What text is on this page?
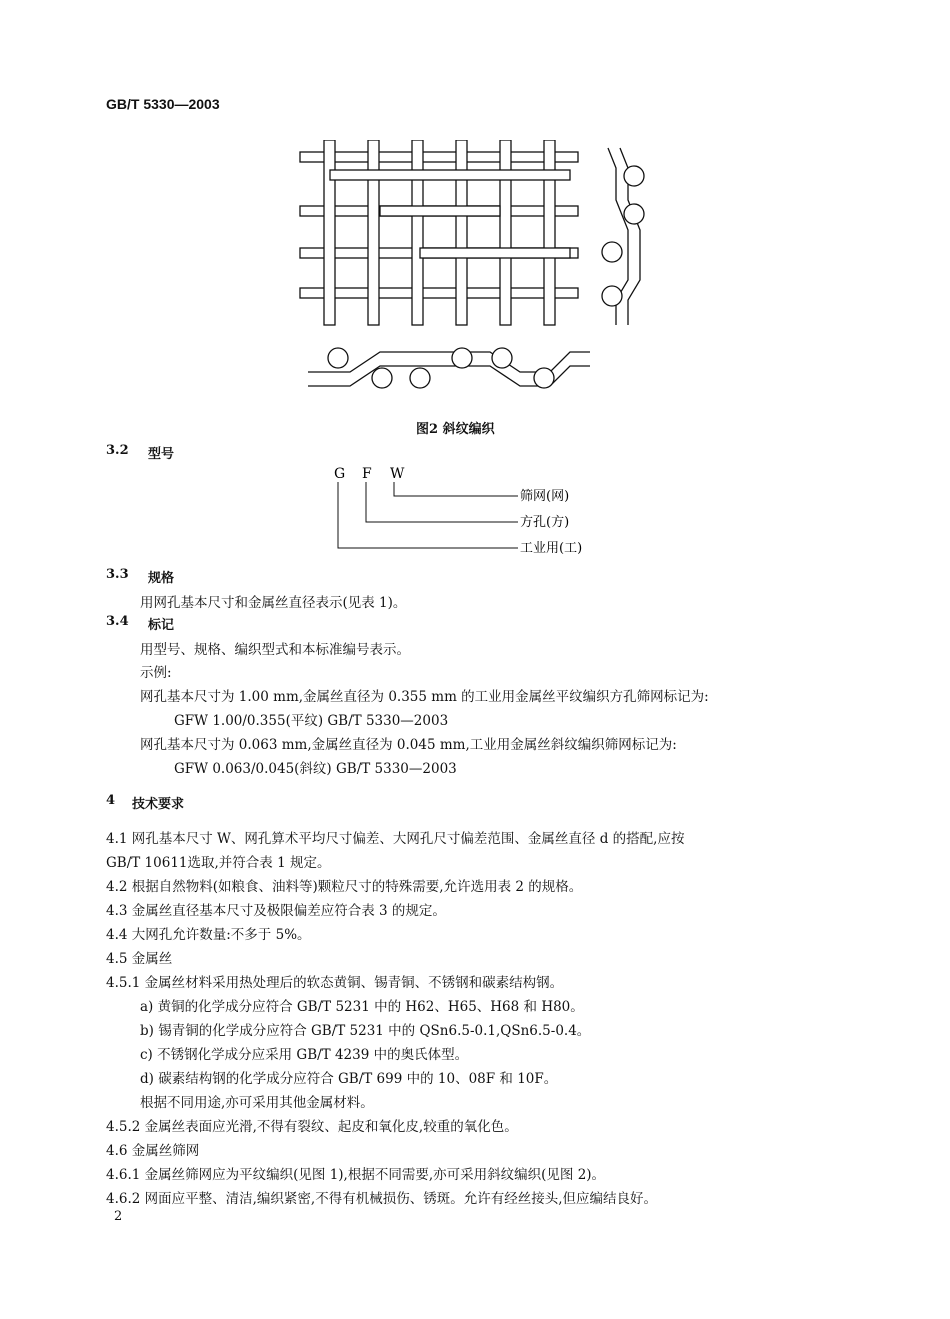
GB/T 5330—2003
图2 斜纹编织
3.2 型号
G F W
筛网(网)
方孔(方)
工业用(工)
3.3 规格
用网孔基本尺寸和金属丝直径表示(见表 1)。
3.4 标记
用型号、规格、编织型式和本标准编号表示。
示例:
网孔基本尺寸为 1.00 mm,金属丝直径为 0.355 mm 的工业用金属丝平纹编织方孔筛网标记为:
GFW 1.00/0.355(平纹) GB/T 5330—2003
网孔基本尺寸为 0.063 mm,金属丝直径为 0.045 mm,工业用金属丝斜纹编织筛网标记为:
GFW 0.063/0.045(斜纹) GB/T 5330—2003
4 技术要求
4.1 网孔基本尺寸 W、网孔算术平均尺寸偏差、大网孔尺寸偏差范围、金属丝直径 d 的搭配,应按
GB/T 10611选取,并符合表 1 规定。
4.2 根据自然物料(如粮食、油料等)颗粒尺寸的特殊需要,允许选用表 2 的规格。
4.3 金属丝直径基本尺寸及极限偏差应符合表 3 的规定。
4.4 大网孔允许数量:不多于 5%。
4.5 金属丝
4.5.1 金属丝材料采用热处理后的软态黄铜、锡青铜、不锈钢和碳素结构钢。
a) 黄铜的化学成分应符合 GB/T 5231 中的 H62、H65、H68 和 H80。
b) 锡青铜的化学成分应符合 GB/T 5231 中的 QSn6.5-0.1,QSn6.5-0.4。
c) 不锈钢化学成分应采用 GB/T 4239 中的奥氏体型。
d) 碳素结构钢的化学成分应符合 GB/T 699 中的 10、08F 和 10F。
根据不同用途,亦可采用其他金属材料。
4.5.2 金属丝表面应光滑,不得有裂纹、起皮和氧化皮,较重的氧化色。
4.6 金属丝筛网
4.6.1 金属丝筛网应为平纹编织(见图 1),根据不同需要,亦可采用斜纹编织(见图 2)。
4.6.2 网面应平整、清洁,编织紧密,不得有机械损伤、锈斑。允许有经丝接头,但应编结良好。
2
